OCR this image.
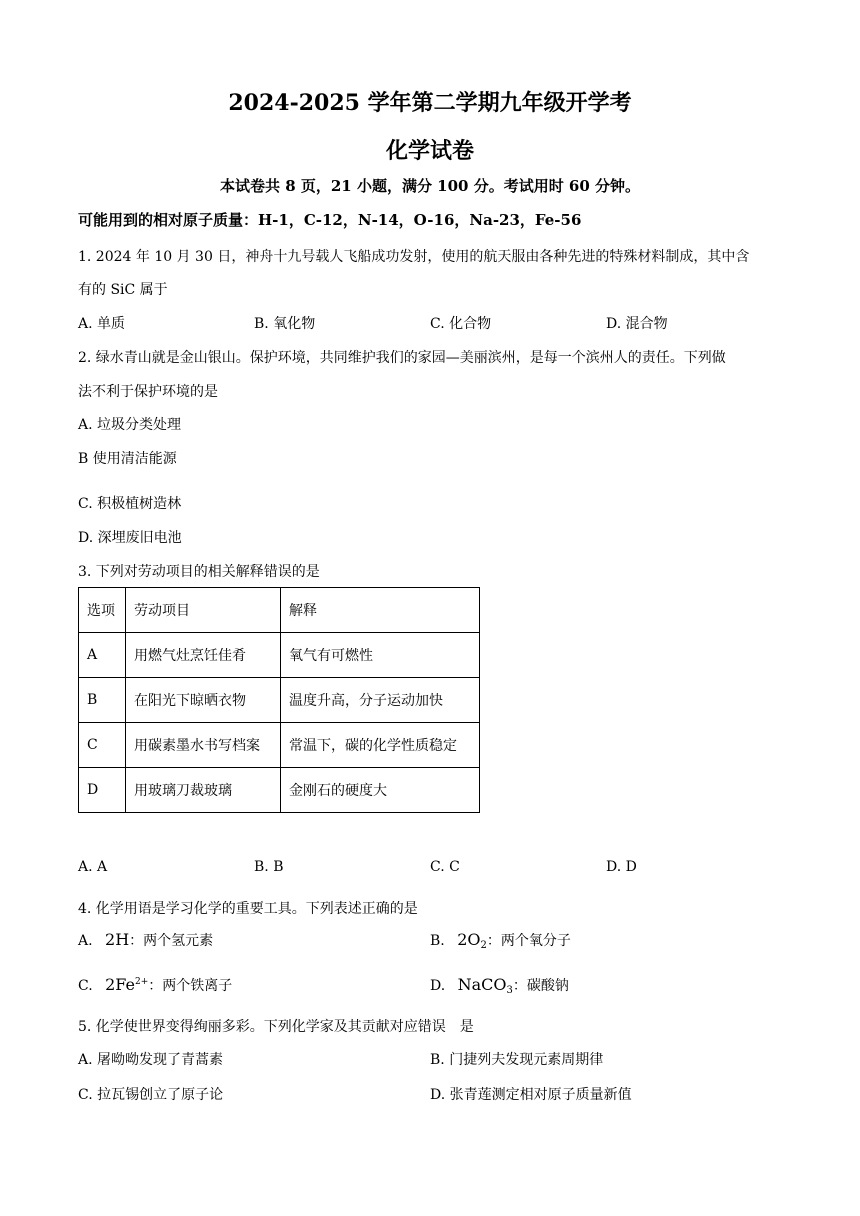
2024-2025 学年第二学期九年级开学考
化学试卷
本试卷共 8 页，21 小题，满分 100 分。考试用时 60 分钟。
可能用到的相对原子质量：H-1，C-12，N-14，O-16，Na-23，Fe-56
1. 2024 年 10 月 30 日，神舟十九号载人飞船成功发射，使用的航天服由各种先进的特殊材料制成，其中含
有的 SiC 属于
A. 单质	B. 氧化物	C. 化合物	D. 混合物
2. 绿水青山就是金山银山。保护环境，共同维护我们的家园—美丽滨州，是每一个滨州人的责任。下列做
法不利于保护环境的是
A. 垃圾分类处理
B 使用清洁能源
C. 积极植树造林
D. 深埋废旧电池
3. 下列对劳动项目的相关解释错误的是
选项	劳动项目	解释
A	用燃气灶烹饪佳肴	氧气有可燃性
B	在阳光下晾晒衣物	温度升高，分子运动加快
C	用碳素墨水书写档案	常温下，碳的化学性质稳定
D	用玻璃刀裁玻璃	金刚石的硬度大
A. A	B. B	C. C	D. D
4. 化学用语是学习化学的重要工具。下列表述正确的是
A. 2H：两个氢元素	B. $2O_2$：两个氧分子
C. $2Fe^{2+}$：两个铁离子	D. NaCO$_3$：碳酸钠
5. 化学使世界变得绚丽多彩。下列化学家及其贡献对应错误　是
A. 屠呦呦发现了青蒿素	B. 门捷列夫发现元素周期律
C. 拉瓦锡创立了原子论	D. 张青莲测定相对原子质量新值
